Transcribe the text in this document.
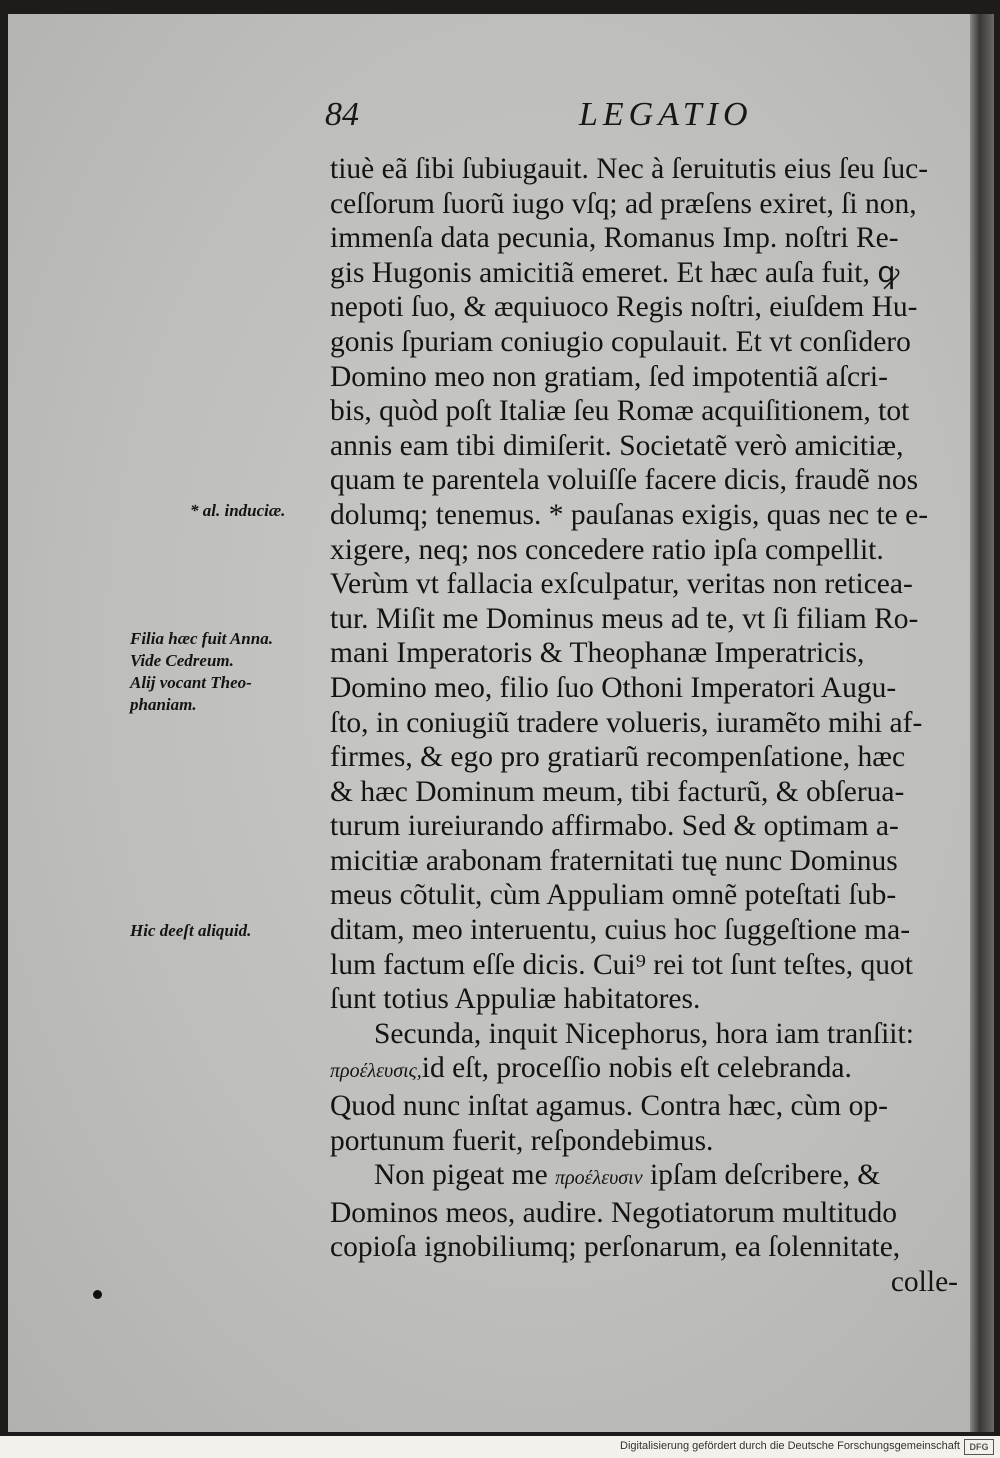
84	LEGATIO
tiuè eã ſibi ſubiugauit. Nec à ſeruitutis eius ſeu ſuc-
ceſſorum ſuorũ iugo vſq; ad præſens exiret, ſi non,
immenſa data pecunia, Romanus Imp. noſtri Re-
gis Hugonis amicitiã emeret. Et hæc auſa fuit, ꝙ
nepoti ſuo, & æquiuoco Regis noſtri, eiuſdem Hu-
gonis ſpuriam coniugio copulauit. Et vt conſidero
Domino meo non gratiam, ſed impotentiã aſcri-
bis, quòd poſt Italiæ ſeu Romæ acquiſitionem, tot
annis eam tibi dimiſerit. Societatẽ verò amicitiæ,
quam te parentela voluiſſe facere dicis, fraudẽ nos
dolumq; tenemus. * pauſanas exigis, quas nec te e-
xigere, neq; nos concedere ratio ipſa compellit.
Verùm vt fallacia exſculpatur, veritas non reticea-
tur. Miſit me Dominus meus ad te, vt ſi filiam Ro-
mani Imperatoris & Theophanæ Imperatricis,
Domino meo, filio ſuo Othoni Imperatori Augu-
ſto, in coniugiũ tradere volueris, iuramẽto mihi af-
firmes, & ego pro gratiarũ recompenſatione, hæc
& hæc Dominum meum, tibi facturũ, & obſerua-
turum iureiurando affirmabo. Sed & optimam a-
micitiæ arabonam fraternitati tuę nunc Dominus
meus cõtulit, cùm Appuliam omnẽ poteſtati ſub-
ditam, meo interuentu, cuius hoc ſuggeſtione ma-
lum factum eſſe dicis. Cui⁹ rei tot ſunt teſtes, quot
ſunt totius Appuliæ habitatores.
Secunda, inquit Nicephorus, hora iam tranſiit:
προέλευσις,id eſt, proceſſio nobis eſt celebranda.
Quod nunc inſtat agamus. Contra hæc, cùm op-
portunum fuerit, reſpondebimus.
Non pigeat me προέλευσιν ipſam deſcribere, &
Dominos meos, audire. Negotiatorum multitudo
copioſa ignobiliumq; perſonarum, ea ſolennitate,
colle-
* al. induciæ.
Filia hæc fuit Anna.
Vide Cedreum.
Alij vocant Theo-
phaniam.
Hic deeſt aliquid.
Digitalisierung gefördert durch die Deutsche Forschungsgemeinschaft	DFG
